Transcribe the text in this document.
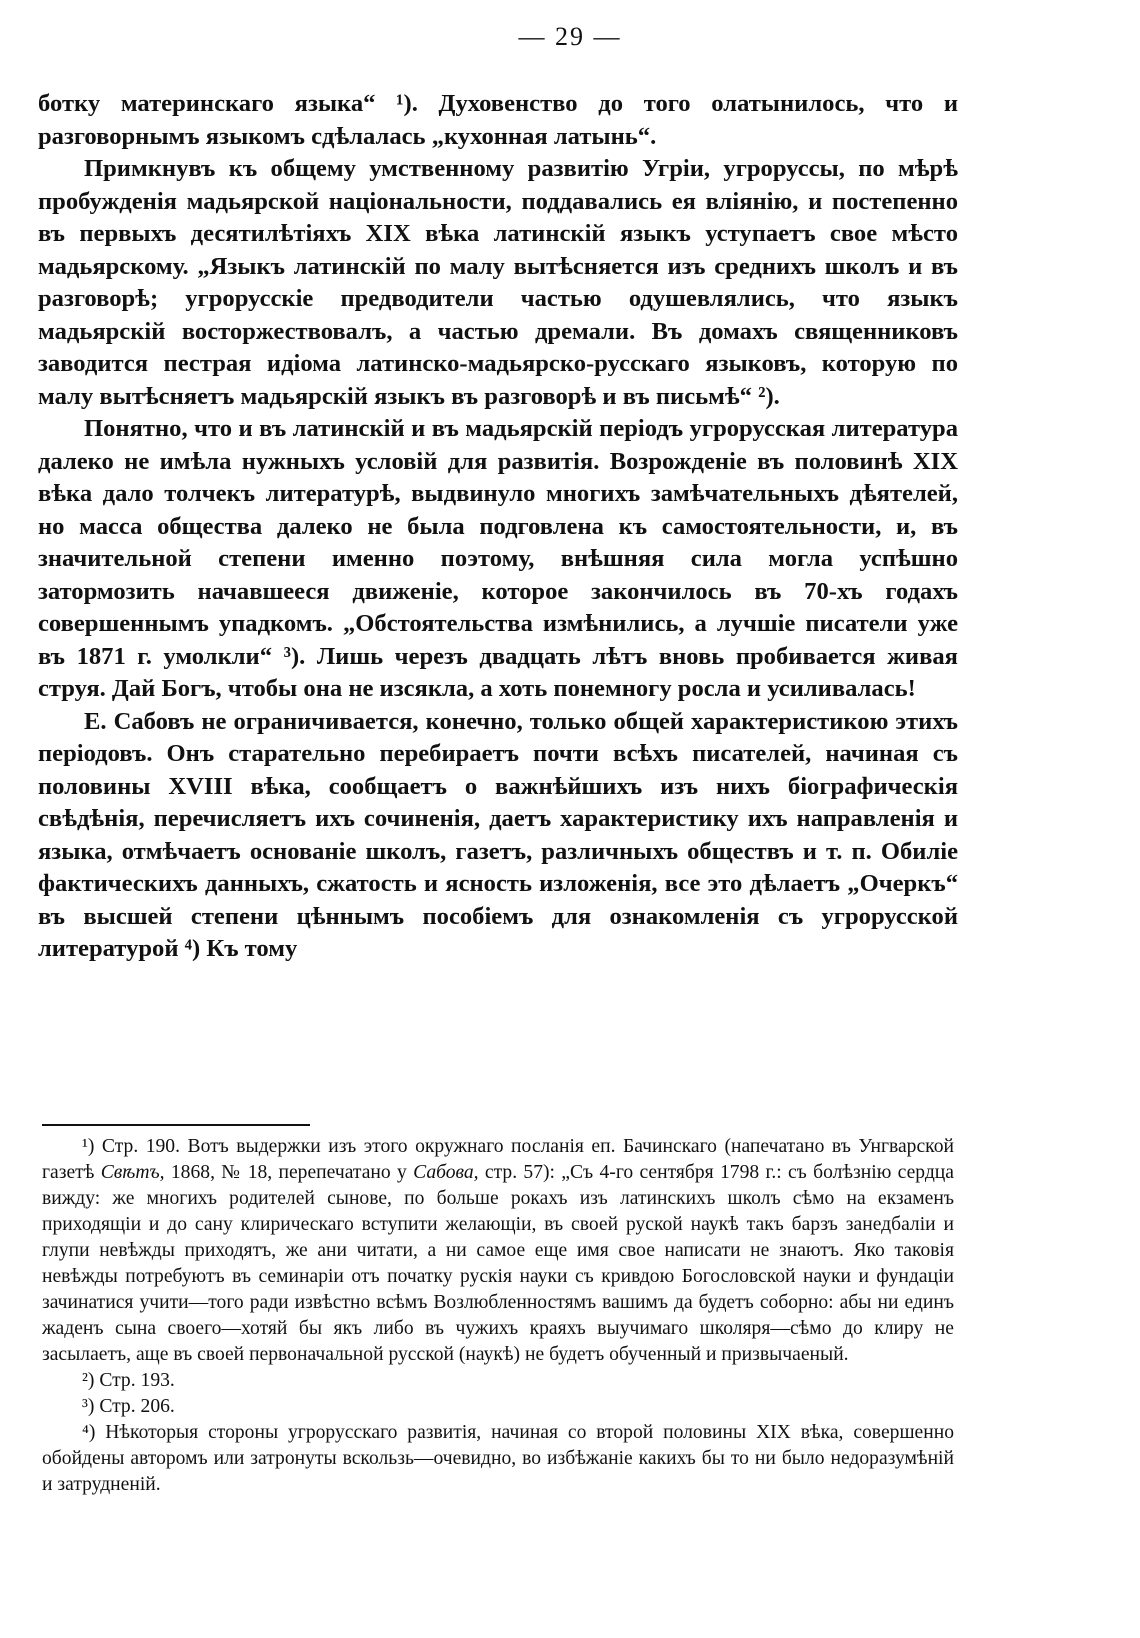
— 29 —

ботку материнскаго языка“ ¹). Духовенство до того олатынилось, что и разговорнымъ языкомъ сдѣлалась „кухонная латынь“.

Примкнувъ къ общему умственному развитію Угріи, угроруссы, по мѣрѣ пробужденія мадьярской національности, поддавались ея вліянію, и постепенно въ первыхъ десятилѣтіяхъ XIX вѣка латинскій языкъ уступаетъ свое мѣсто мадьярскому. „Языкъ латинскій по малу вытѣсняется изъ среднихъ школъ и въ разговорѣ; угрорусскіе предводители частью одушевлялись, что языкъ мадьярскій восторжествовалъ, а частью дремали. Въ домахъ священниковъ заводится пестрая идіома латинско-мадьярско-русскаго языковъ, которую по малу вытѣсняетъ мадьярскій языкъ въ разговорѣ и въ письмѣ“ ²).

Понятно, что и въ латинскій и въ мадьярскій періодъ угрорусская литература далеко не имѣла нужныхъ условій для развитія. Возрожденіе въ половинѣ XIX вѣка дало толчекъ литературѣ, выдвинуло многихъ замѣчательныхъ дѣятелей, но масса общества далеко не была подговлена къ самостоятельности, и, въ значительной степени именно поэтому, внѣшняя сила могла успѣшно затормозить начавшееся движеніе, которое закончилось въ 70-хъ годахъ совершеннымъ упадкомъ. „Обстоятельства измѣнились, а лучшіе писатели уже въ 1871 г. умолкли“ ³). Лишь черезъ двадцать лѣтъ вновь пробивается живая струя. Дай Богъ, чтобы она не изсякла, а хоть понемногу росла и усиливалась!

Е. Сабовъ не ограничивается, конечно, только общей характеристикою этихъ періодовъ. Онъ старательно перебираетъ почти всѣхъ писателей, начиная съ половины XVIII вѣка, сообщаетъ о важнѣйшихъ изъ нихъ біографическія свѣдѣнія, перечисляетъ ихъ сочиненія, даетъ характеристику ихъ направленія и языка, отмѣчаетъ основаніе школъ, газетъ, различныхъ обществъ и т. п. Обиліе фактическихъ данныхъ, сжатость и ясность изложенія, все это дѣлаетъ „Очеркъ“ въ высшей степени цѣннымъ пособіемъ для ознакомленія съ угрорусской литературой ⁴) Къ тому

¹) Стр. 190. Вотъ выдержки изъ этого окружнаго посланія еп. Бачинскаго (напечатано въ Унгварской газетѣ Свѣтъ, 1868, № 18, перепечатано у Сабова, стр. 57): „Съ 4-го сентября 1798 г.: съ болѣзнію сердца вижду: же многихъ родителей сынове, по больше рокахъ изъ латинскихъ школъ сѣмо на екзаменъ приходящіи и до сану клирическаго вступити желающіи, въ своей руской наукѣ такъ барзъ занедбаліи и глупи невѣжды приходятъ, же ани читати, а ни самое еще имя свое написати не знаютъ. Яко таковія невѣжды потребуютъ въ семинаріи отъ початку рускія науки съ кривдою Богословской науки и фундаціи зачинатися учити—того ради извѣстно всѣмъ Возлюбленностямъ вашимъ да будетъ соборно: абы ни единъ жаденъ сына своего—хотяй бы якъ либо въ чужихъ краяхъ выучимаго школяря—сѣмо до клиру не засылаетъ, аще въ своей первоначальной русской (наукѣ) не будетъ обученный и призвычаеный.

²) Стр. 193.

³) Стр. 206.

⁴) Нѣкоторыя стороны угрорусскаго развитія, начиная со второй половины XIX вѣка, совершенно обойдены авторомъ или затронуты вскользь—очевидно, во избѣжаніе какихъ бы то ни было недоразумѣній и затрудненій.
